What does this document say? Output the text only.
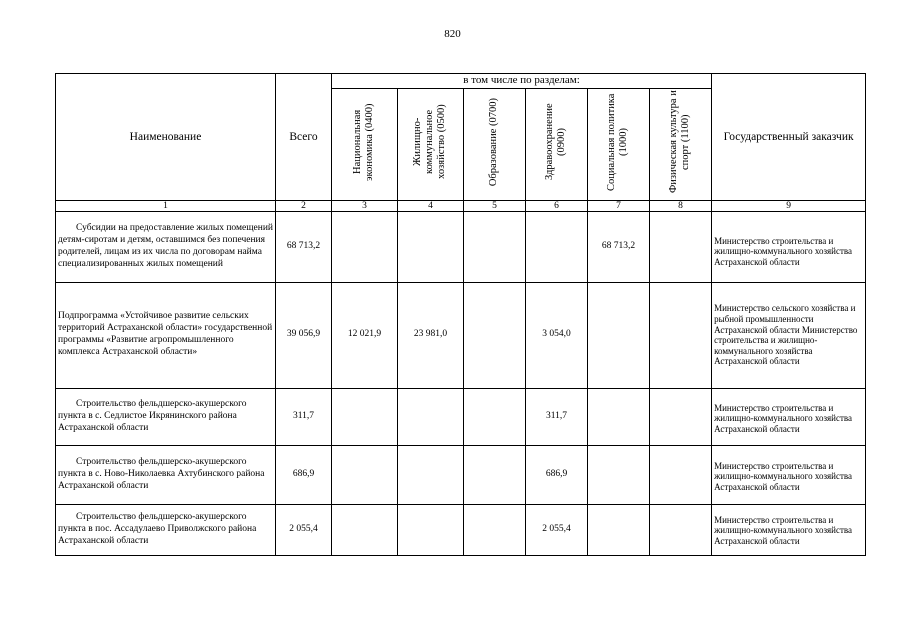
820
Наименование	Всего	в том числе по разделам:						Государственный заказчик
		Национальная экономика (0400)	Жилищно-коммунальное хозяйство (0500)	Образование (0700)	Здравоохранение (0900)	Социальная политика (1000)	Физическая культура и спорт (1100)	
1	2	3	4	5	6	7	8	9
Субсидии на предоставление жилых помещений детям-сиротам и детям, оставшимся без попечения родителей, лицам из их числа по договорам найма специализированных жилых помещений	68 713,2					68 713,2		Министерство строительства и жилищно-коммунального хозяйства Астраханской области
Подпрограмма «Устойчивое развитие сельских территорий Астраханской области» государственной программы «Развитие агропромышленного комплекса Астраханской области»	39 056,9	12 021,9	23 981,0		3 054,0			Министерство сельского хозяйства и рыбной промышленности Астраханской области Министерство строительства и жилищно-коммунального хозяйства Астраханской области
Строительство фельдшерско-акушерского пункта в с. Седлистое Икрянинского района Астраханской области	311,7				311,7			Министерство строительства и жилищно-коммунального хозяйства Астраханской области
Строительство фельдшерско-акушерского пункта в с. Ново-Николаевка Ахтубинского района Астраханской области	686,9				686,9			Министерство строительства и жилищно-коммунального хозяйства Астраханской области
Строительство фельдшерско-акушерского пункта в пос. Ассадулаево Приволжского района Астраханской области	2 055,4				2 055,4			Министерство строительства и жилищно-коммунального хозяйства Астраханской области
